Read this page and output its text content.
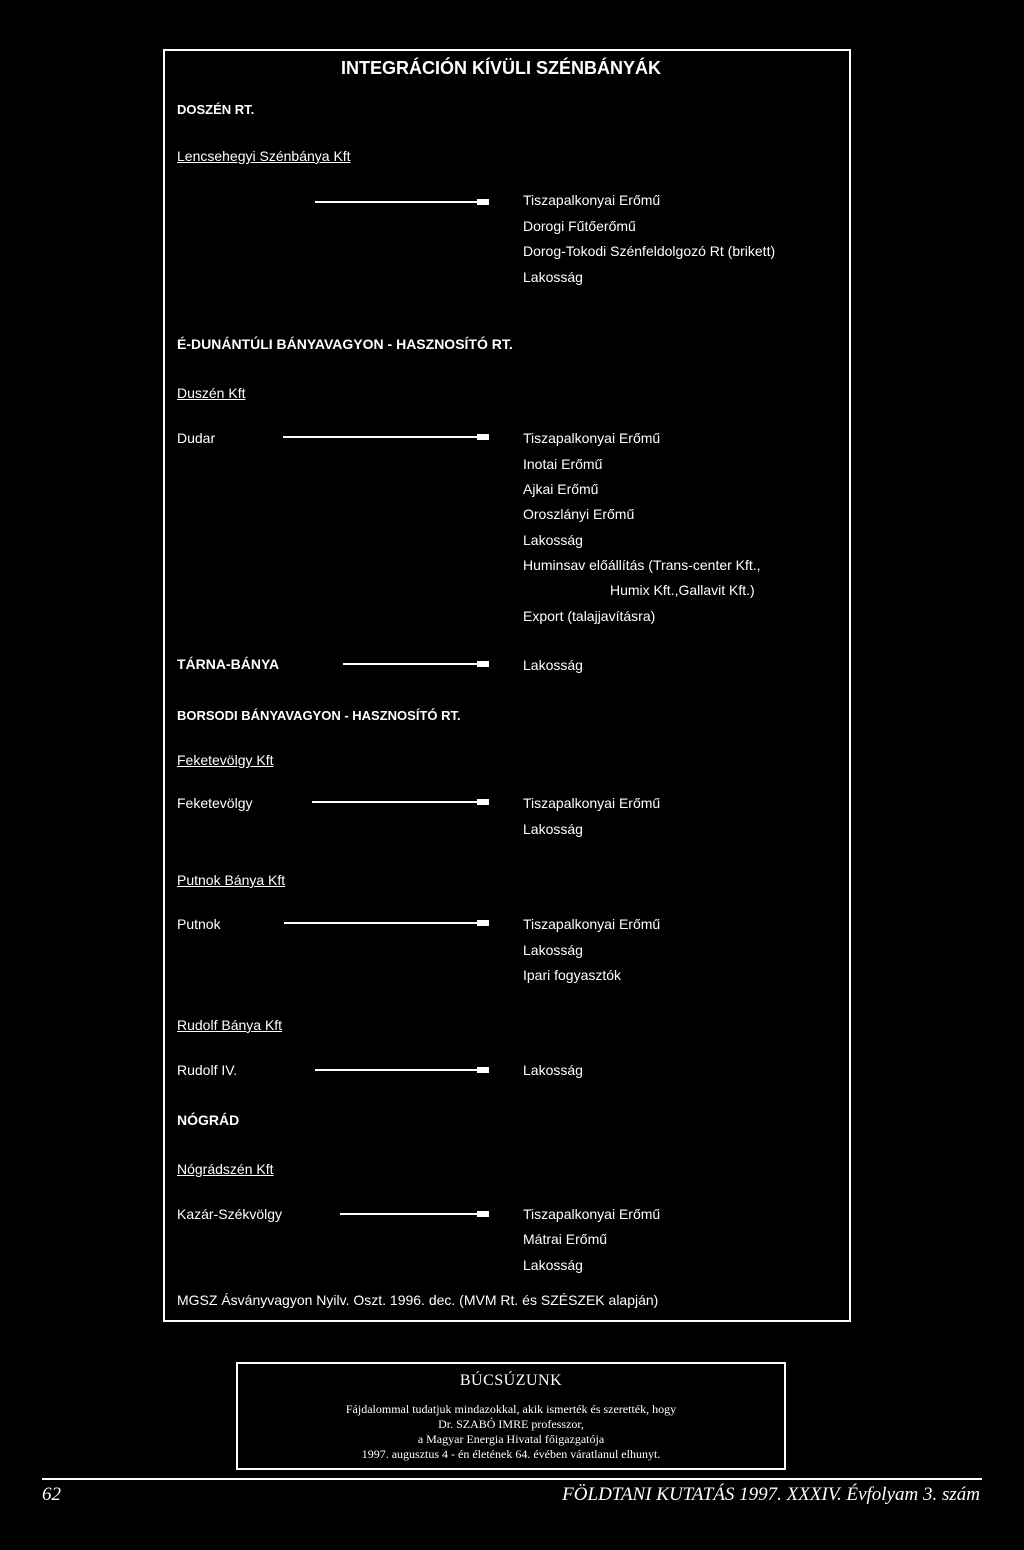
INTEGRÁCIÓN KÍVÜLI SZÉNBÁNYÁK
DOSZÉN RT.
Lencsehegyi Szénbánya Kft
Tiszapalkonyai Erőmű
Dorogi Fűtőerőmű
Dorog-Tokodi Szénfeldolgozó Rt (brikett)
Lakosság
É-DUNÁNTÚLI BÁNYAVAGYON - HASZNOSÍTÓ RT.
Duszén Kft
Dudar	Tiszapalkonyai Erőmű
Inotai Erőmű
Ajkai Erőmű
Oroszlányi Erőmű
Lakosság
Huminsav előállítás (Trans-center Kft.,
Humix Kft.,Gallavit Kft.)
Export (talajjavításra)
TÁRNA-BÁNYA	Lakosság
BORSODI BÁNYAVAGYON - HASZNOSÍTÓ RT.
Feketevölgy Kft
Feketevölgy	Tiszapalkonyai Erőmű
Lakosság
Putnok Bánya Kft
Putnok	Tiszapalkonyai Erőmű
Lakosság
Ipari fogyasztók
Rudolf Bánya Kft
Rudolf IV.	Lakosság
NÓGRÁD
Nógrádszén Kft
Kazár-Székvölgy	Tiszapalkonyai Erőmű
Mátrai Erőmű
Lakosság
MGSZ Ásványvagyon Nyilv. Oszt. 1996. dec. (MVM Rt. és SZÉSZEK alapján)
BÚCSÚZUNK
Fájdalommal tudatjuk mindazokkal, akik ismerték és szerették, hogy
Dr. SZABÓ IMRE professzor,
a Magyar Energia Hivatal főigazgatója
1997. augusztus 4 - én életének 64. évében váratlanul elhunyt.
62	FÖLDTANI KUTATÁS 1997. XXXIV. Évfolyam 3. szám
